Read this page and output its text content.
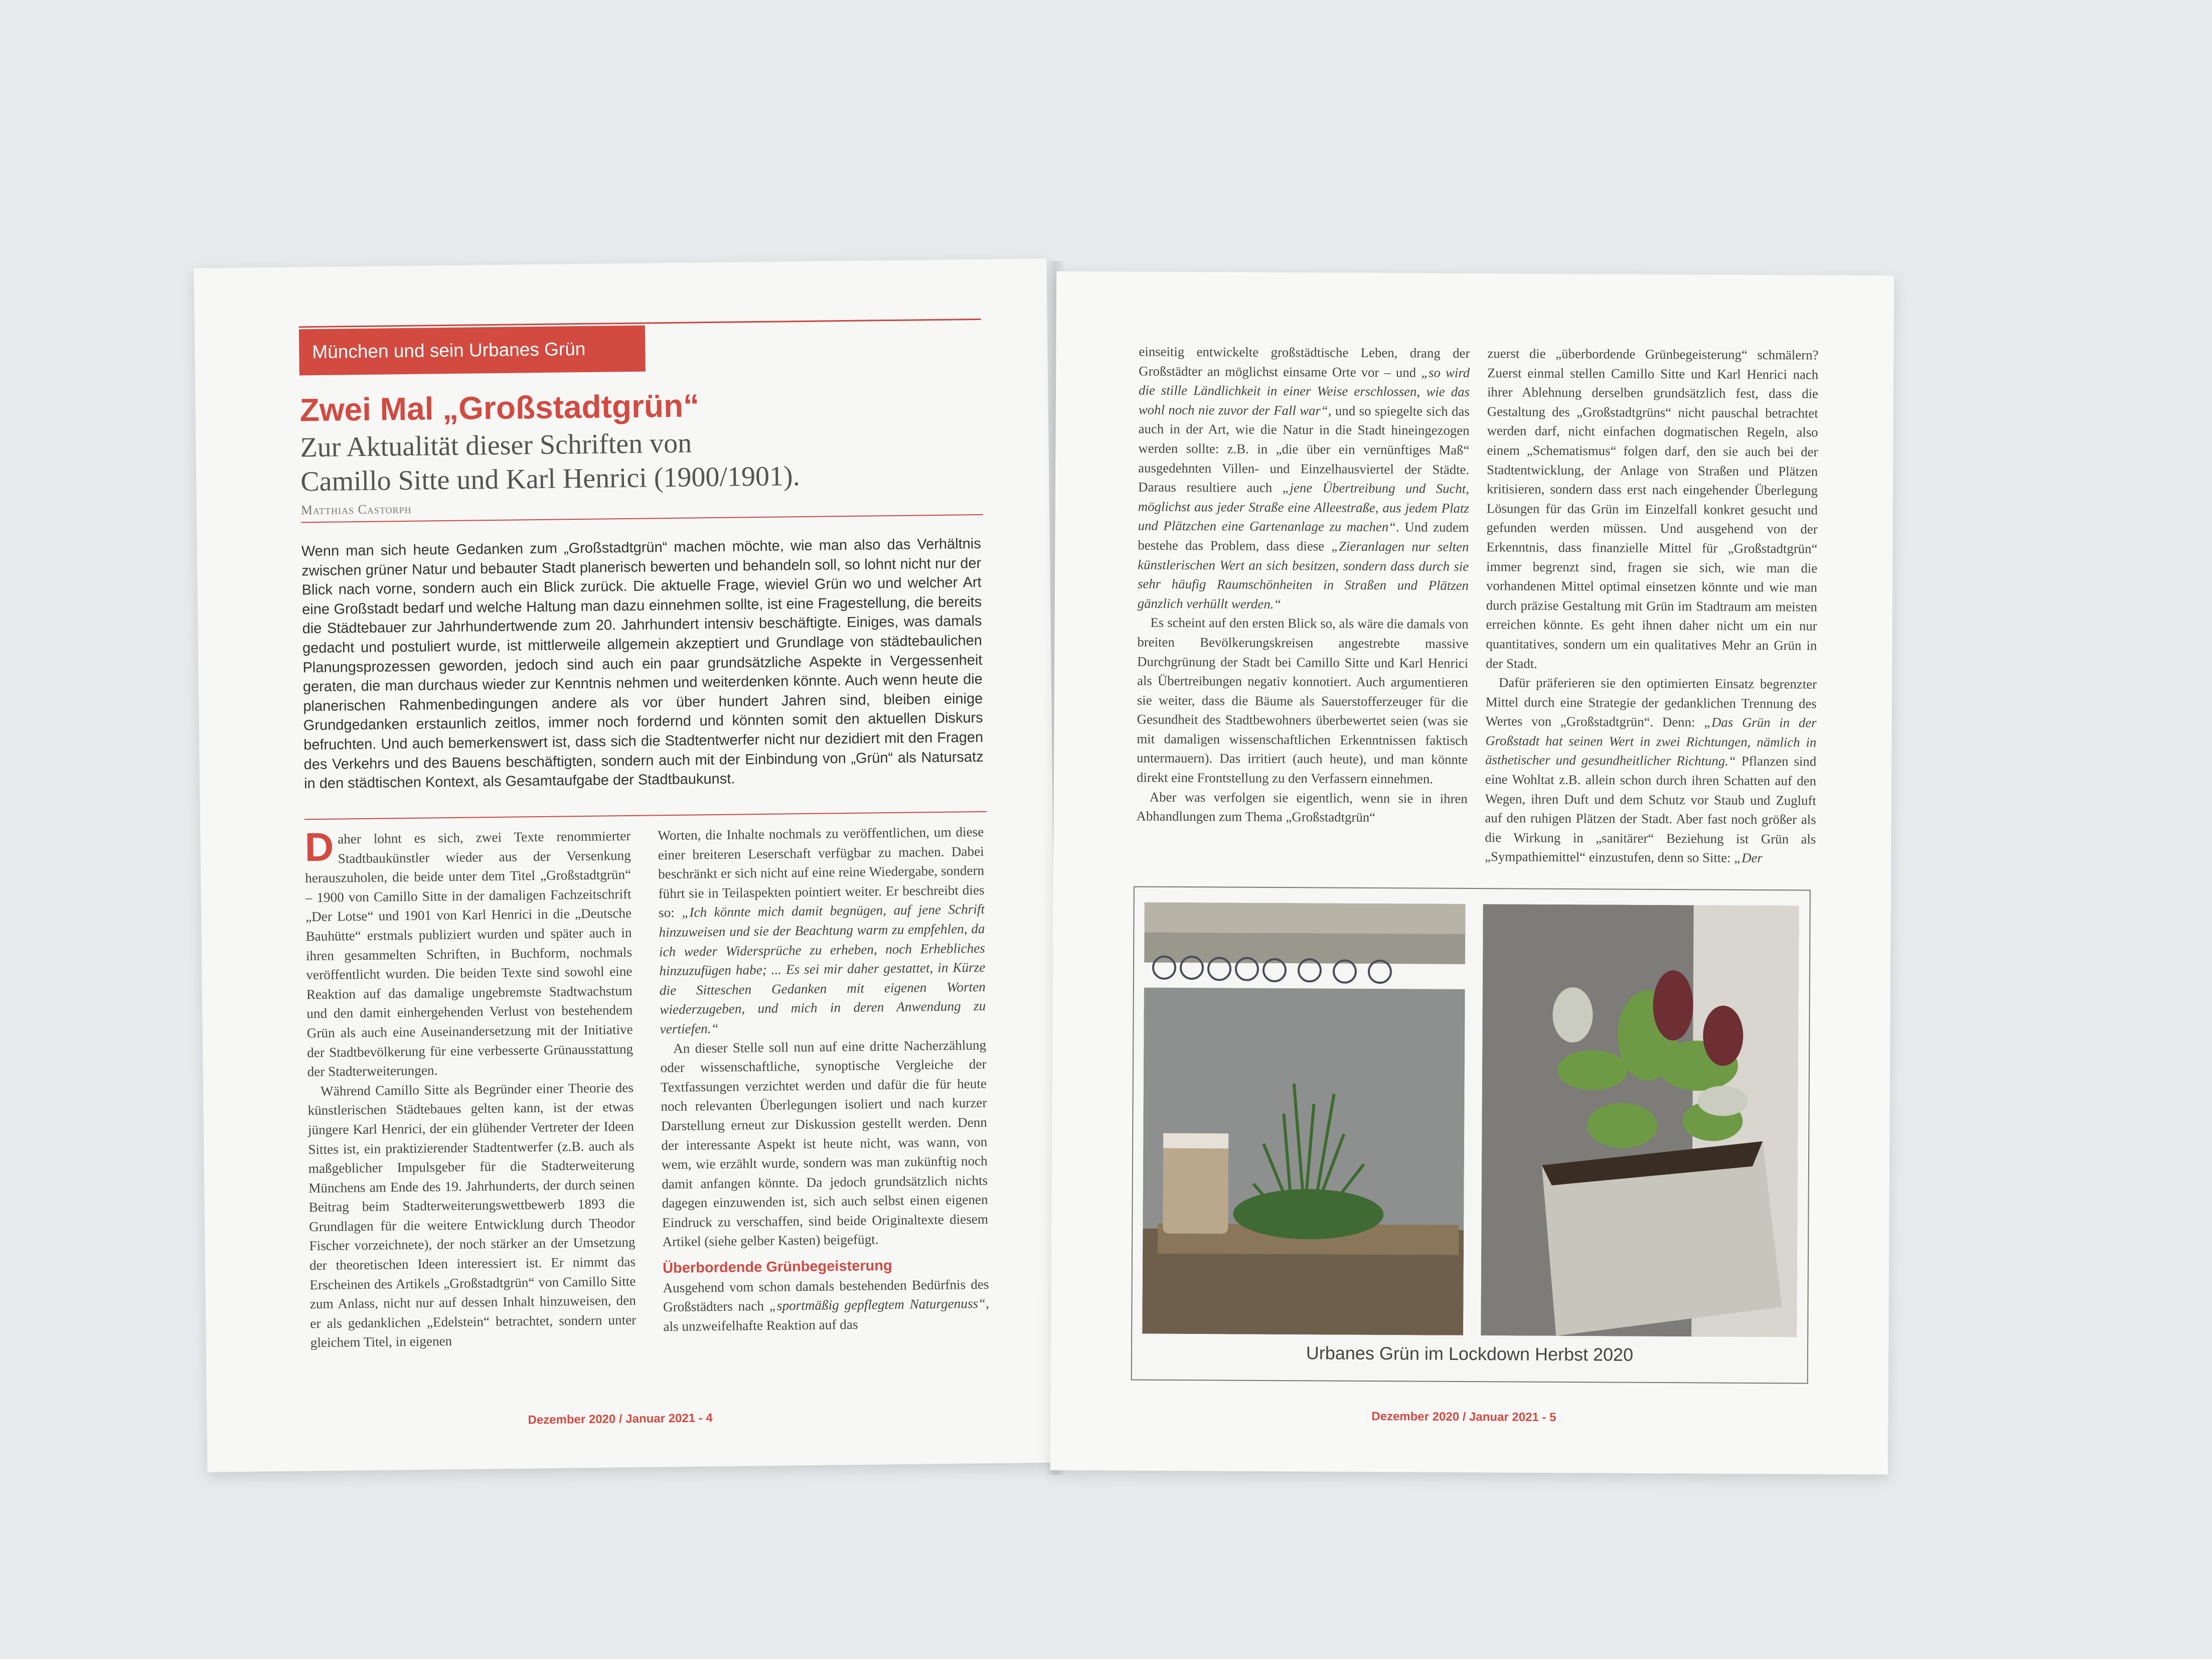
München und sein Urbanes Grün
Zwei Mal „Großstadtgrün“
Zur Aktualität dieser Schriften von
Camillo Sitte und Karl Henrici (1900/1901).
Matthias Castorph

Wenn man sich heute Gedanken zum „Großstadtgrün“ machen möchte, wie man also das Verhältnis zwischen grüner Natur und bebauter Stadt planerisch bewerten und behandeln soll, so lohnt nicht nur der Blick nach vorne, sondern auch ein Blick zurück. Die aktuelle Frage, wieviel Grün wo und welcher Art eine Großstadt bedarf und welche Haltung man dazu einnehmen sollte, ist eine Fragestellung, die bereits die Städtebauer zur Jahrhundertwende zum 20. Jahrhundert intensiv beschäftigte. Einiges, was damals gedacht und postuliert wurde, ist mittlerweile allgemein akzeptiert und Grundlage von städtebaulichen Planungsprozessen geworden, jedoch sind auch ein paar grundsätzliche Aspekte in Vergessenheit geraten, die man durchaus wieder zur Kenntnis nehmen und weiterdenken könnte. Auch wenn heute die planerischen Rahmenbedingungen andere als vor über hundert Jahren sind, bleiben einige Grundgedanken erstaunlich zeitlos, immer noch fordernd und könnten somit den aktuellen Diskurs befruchten. Und auch bemerkenswert ist, dass sich die Stadtentwerfer nicht nur dezidiert mit den Fragen des Verkehrs und des Bauens beschäftigten, sondern auch mit der Einbindung von „Grün“ als Natursatz in den städtischen Kontext, als Gesamtaufgabe der Stadtbaukunst.

Daher lohnt es sich, zwei Texte renommierter Stadtbaukünstler wieder aus der Versenkung herauszuholen, die beide unter dem Titel „Großstadtgrün“ – 1900 von Camillo Sitte in der damaligen Fachzeitschrift „Der Lotse“ und 1901 von Karl Henrici in die „Deutsche Bauhütte“ erstmals publiziert wurden und später auch in ihren gesammelten Schriften, in Buchform, nochmals veröffentlicht wurden. Die beiden Texte sind sowohl eine Reaktion auf das damalige ungebremste Stadtwachstum und den damit einhergehenden Verlust von bestehendem Grün als auch eine Auseinandersetzung mit der Initiative der Stadtbevölkerung für eine verbesserte Grünausstattung der Stadterweiterungen.

Während Camillo Sitte als Begründer einer Theorie des künstlerischen Städtebaues gelten kann, ist der etwas jüngere Karl Henrici, der ein glühender Vertreter der Ideen Sittes ist, ein praktizierender Stadtentwerfer (z.B. auch als maßgeblicher Impulsgeber für die Stadterweiterung Münchens am Ende des 19. Jahrhunderts, der durch seinen Beitrag beim Stadterweiterungswettbewerb 1893 die Grundlagen für die weitere Entwicklung durch Theodor Fischer vorzeichnete), der noch stärker an der Umsetzung der theoretischen Ideen interessiert ist. Er nimmt das Erscheinen des Artikels „Großstadtgrün“ von Camillo Sitte zum Anlass, nicht nur auf dessen Inhalt hinzuweisen, den er als gedanklichen „Edelstein“ betrachtet, sondern unter gleichem Titel, in eigenen

Worten, die Inhalte nochmals zu veröffentlichen, um diese einer breiteren Leserschaft verfügbar zu machen. Dabei beschränkt er sich nicht auf eine reine Wiedergabe, sondern führt sie in Teilaspekten pointiert weiter. Er beschreibt dies so: „Ich könnte mich damit begnügen, auf jene Schrift hinzuweisen und sie der Beachtung warm zu empfehlen, da ich weder Widersprüche zu erheben, noch Erhebliches hinzuzufügen habe; ... Es sei mir daher gestattet, in Kürze die Sitteschen Gedanken mit eigenen Worten wiederzugeben, und mich in deren Anwendung zu vertiefen.“

An dieser Stelle soll nun auf eine dritte Nacherzählung oder wissenschaftliche, synoptische Vergleiche der Textfassungen verzichtet werden und dafür die für heute noch relevanten Überlegungen isoliert und nach kurzer Darstellung erneut zur Diskussion gestellt werden. Denn der interessante Aspekt ist heute nicht, was wann, von wem, wie erzählt wurde, sondern was man zukünftig noch damit anfangen könnte. Da jedoch grundsätzlich nichts dagegen einzuwenden ist, sich auch selbst einen eigenen Eindruck zu verschaffen, sind beide Originaltexte diesem Artikel (siehe gelber Kasten) beigefügt.

Überbordende Grünbegeisterung

Ausgehend vom schon damals bestehenden Bedürfnis des Großstädters nach „sportmäßig gepflegtem Naturgenuss“, als unzweifelhafte Reaktion auf das

Dezember 2020 / Januar 2021 - 4

einseitig entwickelte großstädtische Leben, drang der Großstädter an möglichst einsame Orte vor – und „so wird die stille Ländlichkeit in einer Weise erschlossen, wie das wohl noch nie zuvor der Fall war“, und so spiegelte sich das auch in der Art, wie die Natur in die Stadt hineingezogen werden sollte: z.B. in „die über ein vernünftiges Maß“ ausgedehnten Villen- und Einzelhausviertel der Städte. Daraus resultiere auch „jene Übertreibung und Sucht, möglichst aus jeder Straße eine Alleestraße, aus jedem Platz und Plätzchen eine Gartenanlage zu machen“. Und zudem bestehe das Problem, dass diese „Zieranlagen nur selten künstlerischen Wert an sich besitzen, sondern dass durch sie sehr häufig Raumschönheiten in Straßen und Plätzen gänzlich verhüllt werden.“

Es scheint auf den ersten Blick so, als wäre die damals von breiten Bevölkerungskreisen angestrebte massive Durchgrünung der Stadt bei Camillo Sitte und Karl Henrici als Übertreibungen negativ konnotiert. Auch argumentieren sie weiter, dass die Bäume als Sauerstofferzeuger für die Gesundheit des Stadtbewohners überbewertet seien (was sie mit damaligen wissenschaftlichen Erkenntnissen faktisch untermauern). Das irritiert (auch heute), und man könnte direkt eine Frontstellung zu den Verfassern einnehmen.

Aber was verfolgen sie eigentlich, wenn sie in ihren Abhandlungen zum Thema „Großstadtgrün“

zuerst die „überbordende Grünbegeisterung“ schmälern? Zuerst einmal stellen Camillo Sitte und Karl Henrici nach ihrer Ablehnung derselben grundsätzlich fest, dass die Gestaltung des „Großstadtgrüns“ nicht pauschal betrachtet werden darf, nicht einfachen dogmatischen Regeln, also einem „Schematismus“ folgen darf, den sie auch bei der Stadtentwicklung, der Anlage von Straßen und Plätzen kritisieren, sondern dass erst nach eingehender Überlegung Lösungen für das Grün im Einzelfall konkret gesucht und gefunden werden müssen. Und ausgehend von der Erkenntnis, dass finanzielle Mittel für „Großstadtgrün“ immer begrenzt sind, fragen sie sich, wie man die vorhandenen Mittel optimal einsetzen könnte und wie man durch präzise Gestaltung mit Grün im Stadtraum am meisten erreichen könnte. Es geht ihnen daher nicht um ein nur quantitatives, sondern um ein qualitatives Mehr an Grün in der Stadt.

Dafür präferieren sie den optimierten Einsatz begrenzter Mittel durch eine Strategie der gedanklichen Trennung des Wertes von „Großstadtgrün“. Denn: „Das Grün in der Großstadt hat seinen Wert in zwei Richtungen, nämlich in ästhetischer und gesundheitlicher Richtung.“ Pflanzen sind eine Wohltat z.B. allein schon durch ihren Schatten auf den Wegen, ihren Duft und dem Schutz vor Staub und Zugluft auf den ruhigen Plätzen der Stadt. Aber fast noch größer als die Wirkung in „sanitärer“ Beziehung ist Grün als „Sympathiemittel“ einzustufen, denn so Sitte: „Der

Urbanes Grün im Lockdown Herbst 2020
Dezember 2020 / Januar 2021 - 5
